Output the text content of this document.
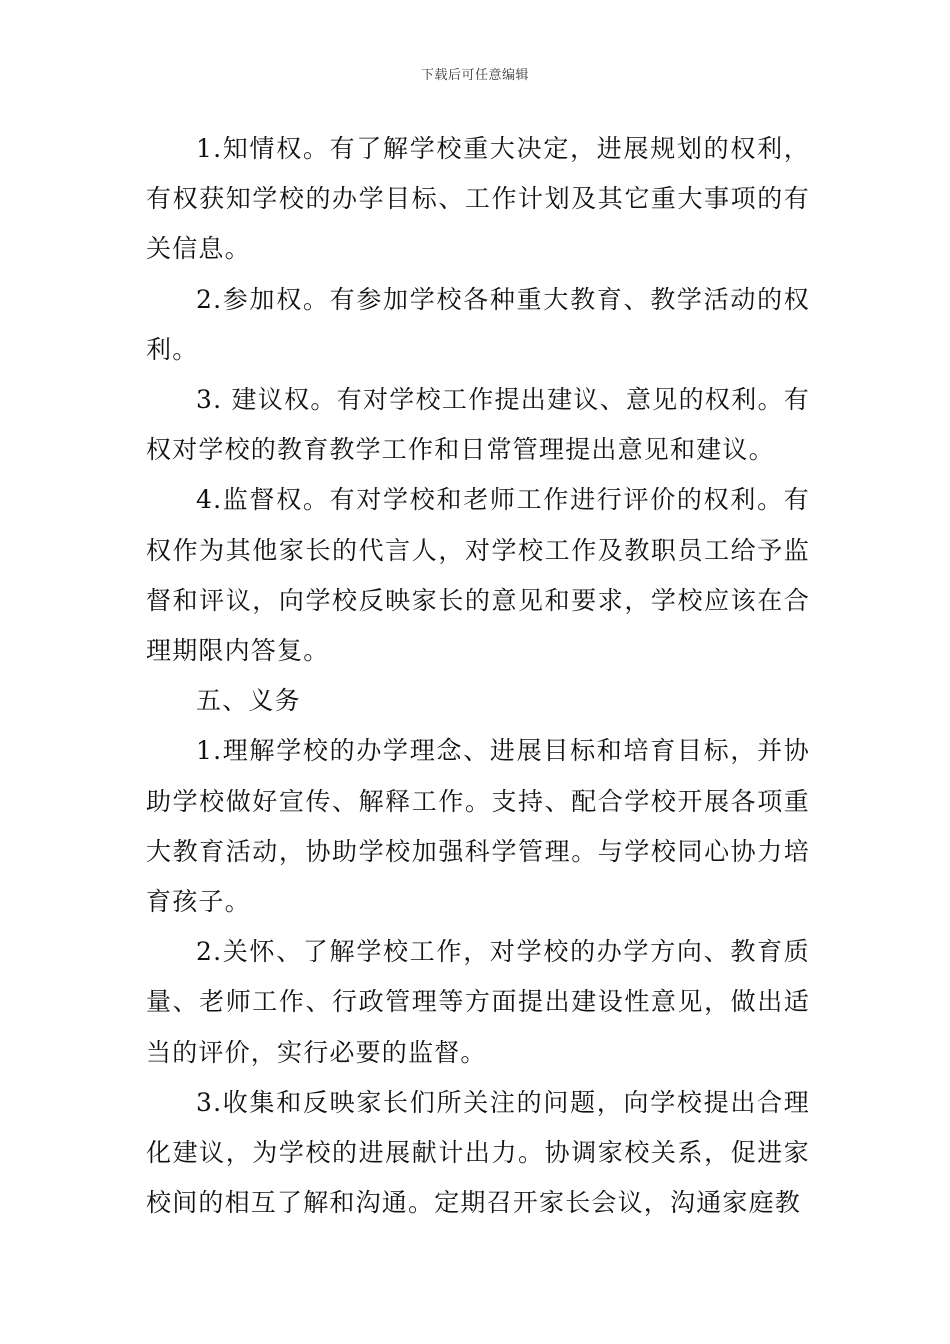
下载后可任意编辑

1.知情权。有了解学校重大决定，进展规划的权利，有权获知学校的办学目标、工作计划及其它重大事项的有关信息。

2.参加权。有参加学校各种重大教育、教学活动的权利。

3. 建议权。有对学校工作提出建议、意见的权利。有权对学校的教育教学工作和日常管理提出意见和建议。

4.监督权。有对学校和老师工作进行评价的权利。有权作为其他家长的代言人，对学校工作及教职员工给予监督和评议，向学校反映家长的意见和要求，学校应该在合理期限内答复。

五、义务

1.理解学校的办学理念、进展目标和培育目标，并协助学校做好宣传、解释工作。支持、配合学校开展各项重大教育活动，协助学校加强科学管理。与学校同心协力培育孩子。

2.关怀、了解学校工作，对学校的办学方向、教育质量、老师工作、行政管理等方面提出建设性意见，做出适当的评价，实行必要的监督。

3.收集和反映家长们所关注的问题，向学校提出合理化建议，为学校的进展献计出力。协调家校关系，促进家校间的相互了解和沟通。定期召开家长会议，沟通家庭教
